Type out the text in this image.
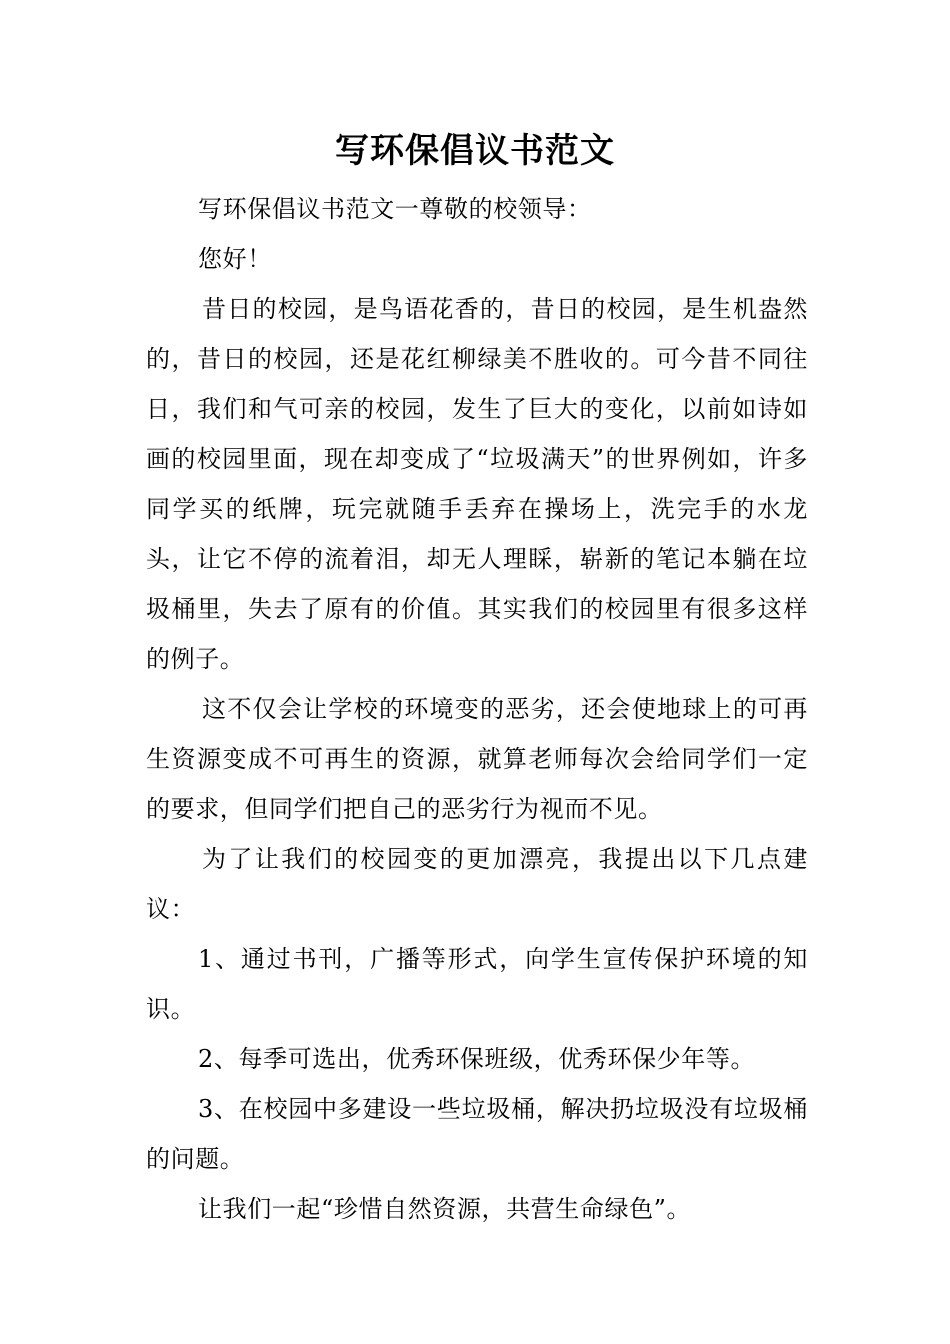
写环保倡议书范文

写环保倡议书范文一尊敬的校领导：

您好！

昔日的校园，是鸟语花香的，昔日的校园，是生机盎然的，昔日的校园，还是花红柳绿美不胜收的。可今昔不同往日，我们和气可亲的校园，发生了巨大的变化，以前如诗如画的校园里面，现在却变成了“垃圾满天”的世界例如，许多同学买的纸牌，玩完就随手丢弃在操场上，洗完手的水龙头，让它不停的流着泪，却无人理睬，崭新的笔记本躺在垃圾桶里，失去了原有的价值。其实我们的校园里有很多这样的例子。

这不仅会让学校的环境变的恶劣，还会使地球上的可再生资源变成不可再生的资源，就算老师每次会给同学们一定的要求，但同学们把自己的恶劣行为视而不见。

为了让我们的校园变的更加漂亮，我提出以下几点建议：

1、通过书刊，广播等形式，向学生宣传保护环境的知识。

2、每季可选出，优秀环保班级，优秀环保少年等。

3、在校园中多建设一些垃圾桶，解决扔垃圾没有垃圾桶的问题。

让我们一起“珍惜自然资源，共营生命绿色”。
